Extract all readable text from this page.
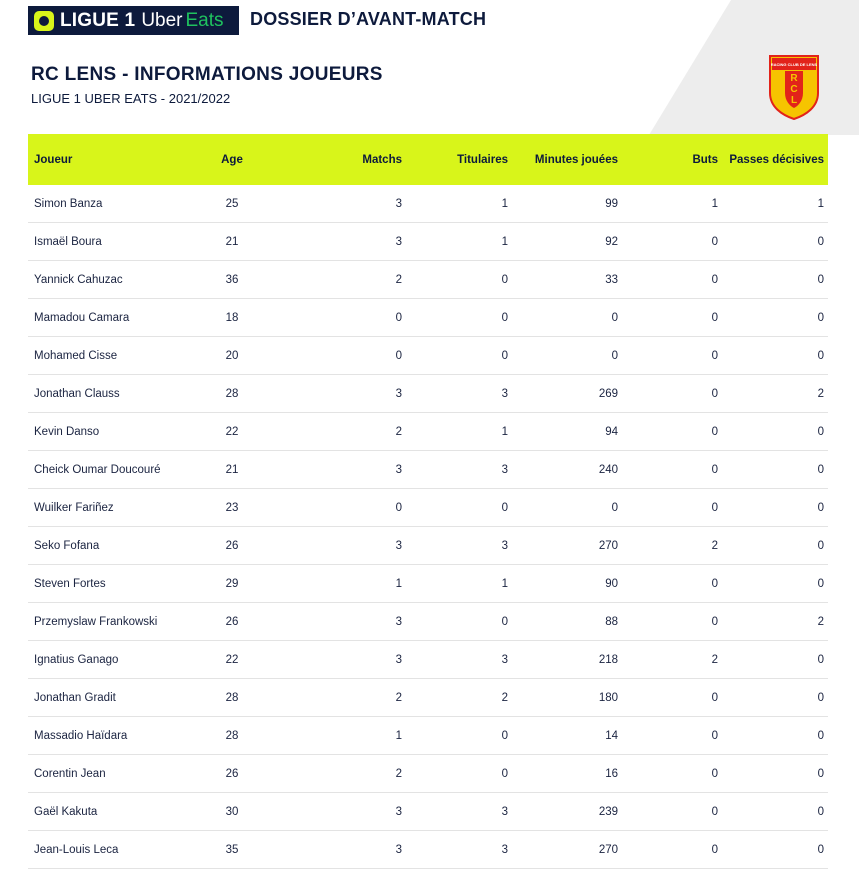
LIGUE 1 Uber Eats DOSSIER D’AVANT-MATCH
RC LENS - INFORMATIONS JOUEURS
LIGUE 1 UBER EATS - 2021/2022
RACING CLUB DE LENS
R
C
L
Joueur	Age	Matchs	Titulaires	Minutes jouées	Buts	Passes décisives
Simon Banza	25	3	1	99	1	1
Ismaël Boura	21	3	1	92	0	0
Yannick Cahuzac	36	2	0	33	0	0
Mamadou Camara	18	0	0	0	0	0
Mohamed Cisse	20	0	0	0	0	0
Jonathan Clauss	28	3	3	269	0	2
Kevin Danso	22	2	1	94	0	0
Cheick Oumar Doucouré	21	3	3	240	0	0
Wuilker Fariñez	23	0	0	0	0	0
Seko Fofana	26	3	3	270	2	0
Steven Fortes	29	1	1	90	0	0
Przemyslaw Frankowski	26	3	0	88	0	2
Ignatius Ganago	22	3	3	218	2	0
Jonathan Gradit	28	2	2	180	0	0
Massadio Haïdara	28	1	0	14	0	0
Corentin Jean	26	2	0	16	0	0
Gaël Kakuta	30	3	3	239	0	0
Jean-Louis Leca	35	3	3	270	0	0
